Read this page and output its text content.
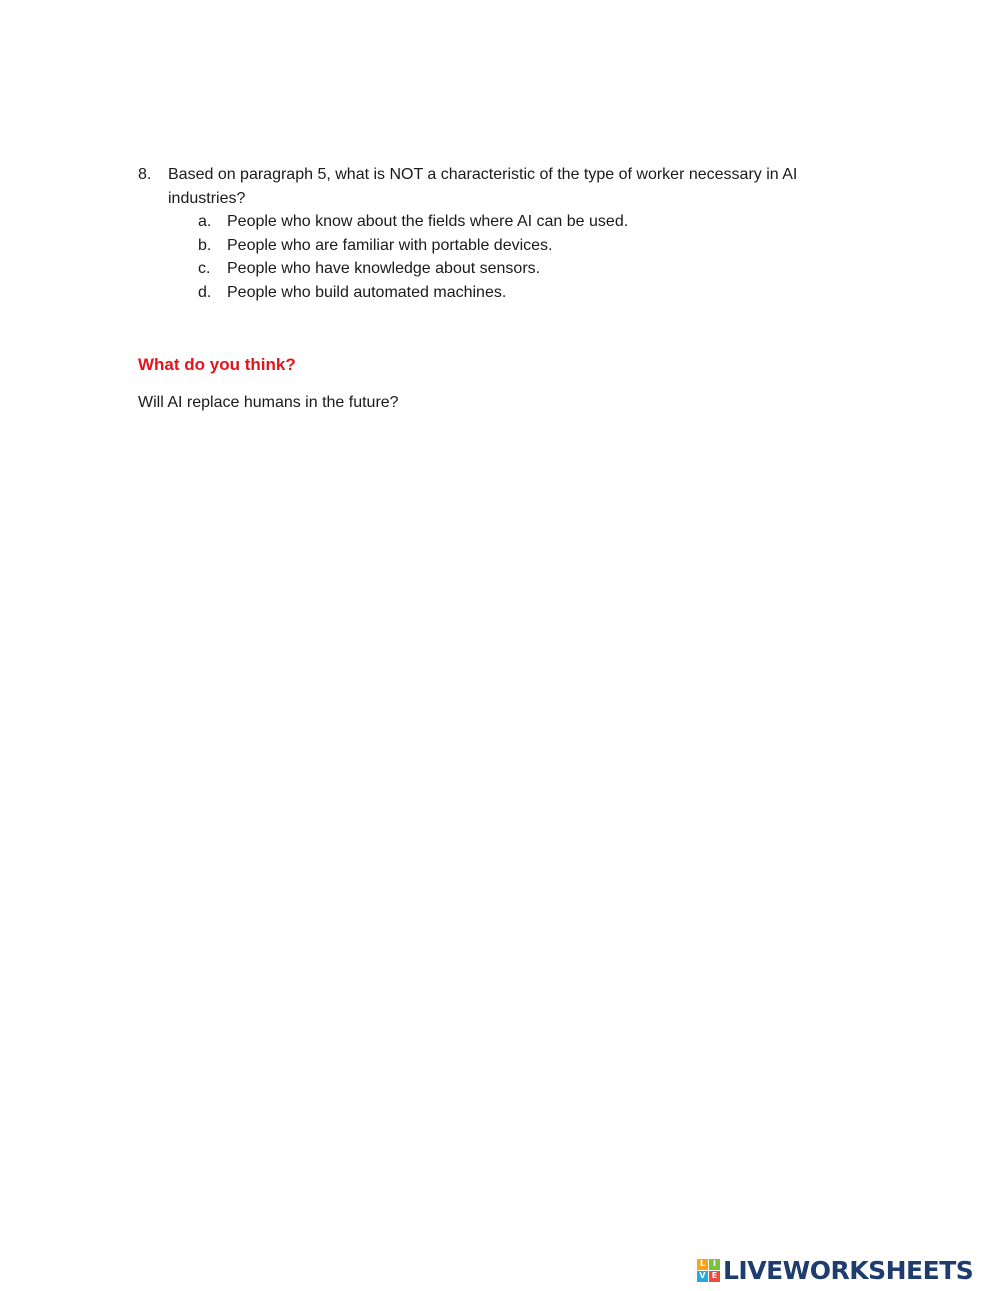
8.	Based on paragraph 5, what is NOT a characteristic of the type of worker necessary in AI industries?
a. People who know about the fields where AI can be used.
b. People who are familiar with portable devices.
c.	People who have knowledge about sensors.
d. People who build automated machines.
What do you think?
Will AI replace humans in the future?
L I
V E LIVEWORKSHEETS
